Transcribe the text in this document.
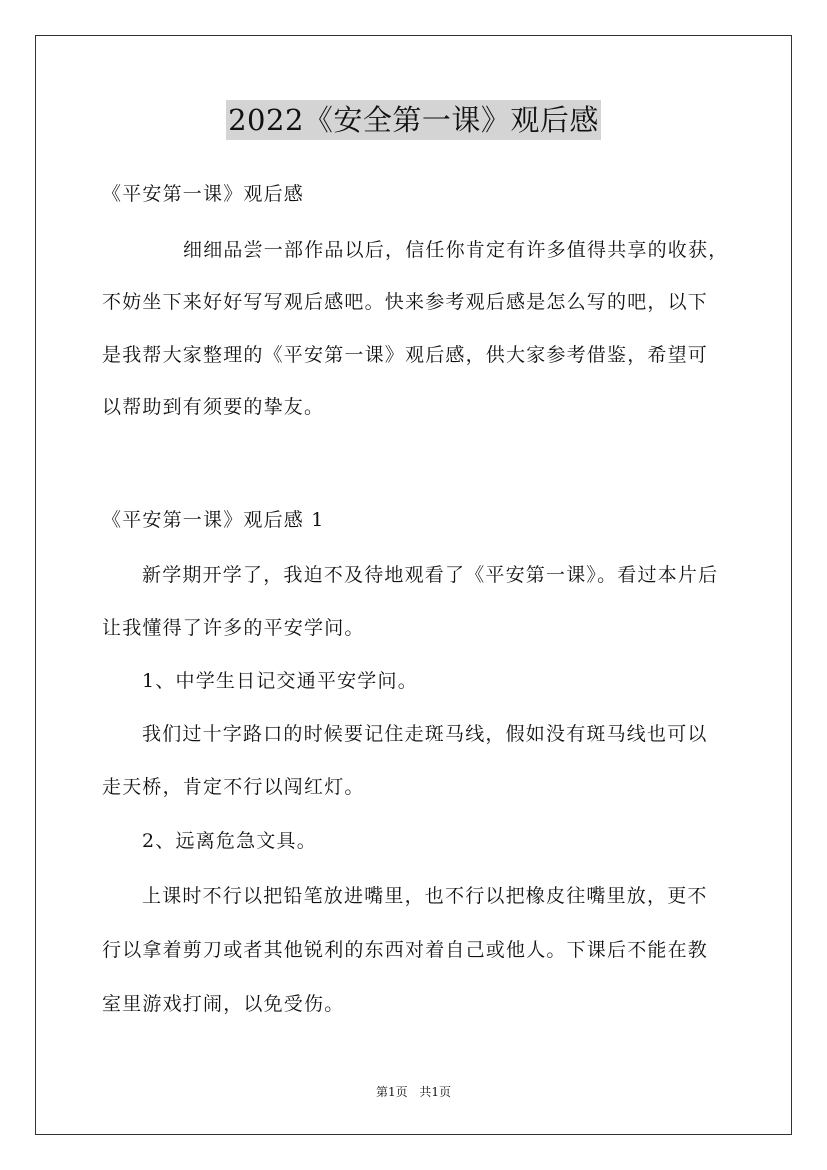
2022《安全第一课》观后感
《平安第一课》观后感
细细品尝一部作品以后，信任你肯定有许多值得共享的收获，
不妨坐下来好好写写观后感吧。快来参考观后感是怎么写的吧，以下
是我帮大家整理的《平安第一课》观后感，供大家参考借鉴，希望可
以帮助到有须要的挚友。
《平安第一课》观后感 1
新学期开学了，我迫不及待地观看了《平安第一课》。看过本片后
让我懂得了许多的平安学问。
1、中学生日记交通平安学问。
我们过十字路口的时候要记住走斑马线，假如没有斑马线也可以
走天桥，肯定不行以闯红灯。
2、远离危急文具。
上课时不行以把铅笔放进嘴里，也不行以把橡皮往嘴里放，更不
行以拿着剪刀或者其他锐利的东西对着自己或他人。下课后不能在教
室里游戏打闹，以免受伤。
第1页 共1页
